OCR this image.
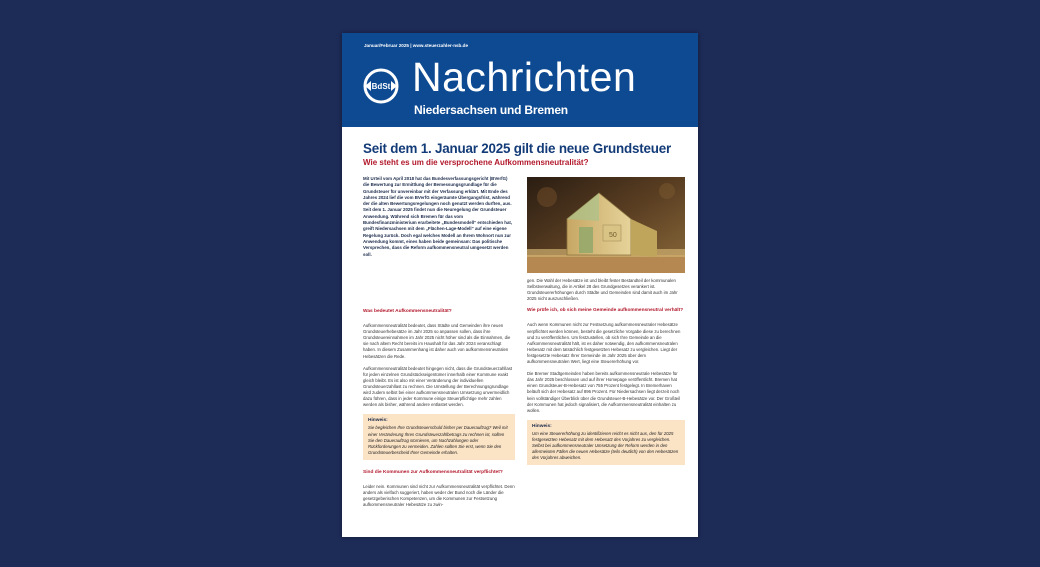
Januar/Februar 2025 | www.steuerzahler-nsb.de
BdSt Nachrichten
Niedersachsen und Bremen
Seit dem 1. Januar 2025 gilt die neue Grundsteuer
Wie steht es um die versprochene Aufkommensneutralität?

Mit Urteil vom April 2018 hat das Bundesverfassungsgericht (BVerfG) die Bewertung zur Ermittlung der Bemessungsgrundlage für die Grundsteuer für unvereinbar mit der Verfassung erklärt. Mit Ende des Jahres 2024 lief die vom BVerfG eingeräumte Übergangsfrist, während der die alten Bewertungsregelungen noch genutzt werden durften, aus. Seit dem 1. Januar 2025 findet nun die Neuregelung der Grundsteuer Anwendung. Während sich Bremen für das vom Bundesfinanzministerium erarbeitete „Bundesmodell“ entschieden hat, greift Niedersachsen mit dem „Flächen-Lage-Modell“ auf eine eigene Regelung zurück. Doch egal welches Modell an Ihrem Wohnort nun zur Anwendung kommt, eines haben beide gemeinsam: Das politische Versprechen, dass die Reform aufkommensneutral umgesetzt werden soll.

50
Was bedeutet Aufkommensneutralität?

Aufkommensneutralität bedeutet, dass Städte und Gemeinden ihre neuen Grundsteuerhebesätze im Jahr 2025 so anpassen sollen, dass ihre Grundsteuereinnahmen im Jahr 2025 nicht höher sind als die Einnahmen, die sie nach altem Recht bereits im Haushalt für das Jahr 2024 veranschlagt haben. In diesem Zusammenhang ist daher auch von aufkommensneutralen Hebesätzen die Rede.

Aufkommensneutralität bedeutet hingegen nicht, dass die Grundsteuerzahllast für jeden einzelnen Grundstückseigentümer innerhalb einer Kommune exakt gleich bleibt. Es ist also mit einer Veränderung der individuellen Grundsteuerzahllast zu rechnen. Die Umstellung der Berechnungsgrundlage wird zudem selbst bei einer aufkommensneutralen Umsetzung unvermeidlich dazu führen, dass in jeder Kommune einige Steuerpflichtige mehr zahlen werden als bisher, während andere entlastet werden.

Hinweis:
Sie begleichen Ihre Grundsteuerschuld bisher per Dauerauftrag? Weil mit einer Veränderung Ihres Grundsteuerzahlbetrags zu rechnen ist, sollten Sie den Dauerauftrag stornieren, um Nachzahlungen oder Rückforderungen zu vermeiden. Zahlen sollten Sie erst, wenn Sie den Grundsteuerbescheid Ihrer Gemeinde erhalten.
Sind die Kommunen zur Aufkommensneutralität verpflichtet?

Leider nein. Kommunen sind nicht zur Aufkommensneutralität verpflichtet. Denn anders als vielfach suggeriert, haben weder der Bund noch die Länder die gesetzgeberischen Kompetenzen, um die Kommunen zur Festsetzung aufkommensneutraler Hebesätze zu zwin-

gen. Die Wahl der Hebesätze ist und bleibt fester Bestandteil der kommunalen Selbstverwaltung, die in Artikel 28 des Grundgesetzes verankert ist. Grundsteuererhöhungen durch Städte und Gemeinden sind damit auch im Jahr 2025 nicht auszuschließen.

Wie prüfe ich, ob sich meine Gemeinde aufkommensneutral verhält?

Auch wenn Kommunen nicht zur Festsetzung aufkommensneutraler Hebesätze verpflichtet werden können, besteht die gesetzliche Vorgabe diese zu berechnen und zu veröffentlichen. Um festzustellen, ob sich Ihre Gemeinde an die Aufkommensneutralität hält, ist es daher notwendig, den aufkommensneutralen Hebesatz mit dem tatsächlich festgesetzten Hebesatz zu vergleichen. Liegt der festgesetzte Hebesatz Ihrer Gemeinde im Jahr 2025 über dem aufkommensneutralen Wert, liegt eine Steuererhöhung vor.

Die Bremer Stadtgemeinden haben bereits aufkommensneutrale Hebesätze für das Jahr 2025 beschlossen und auf ihrer Homepage veröffentlicht. Bremen hat einen Grundsteuer-B-Hebesatz von 755 Prozent festgelegt. In Bremerhaven beläuft sich der Hebesatz auf 896 Prozent. Für Niedersachsen liegt derzeit noch kein vollständiger Überblick über die Grundsteuer-B-Hebesätze vor. Der Großteil der Kommunen hat jedoch signalisiert, die Aufkommensneutralität einhalten zu wollen.

Hinweis:
Um eine Steuererhöhung zu identifizieren reicht es nicht aus, den für 2025 festgesetzten Hebesatz mit dem Hebesatz des Vorjahres zu vergleichen. Selbst bei aufkommensneutraler Umsetzung der Reform werden in den allermeisten Fällen die neuen Hebesätze (teils deutlich) von den Hebesätzen des Vorjahres abweichen.
